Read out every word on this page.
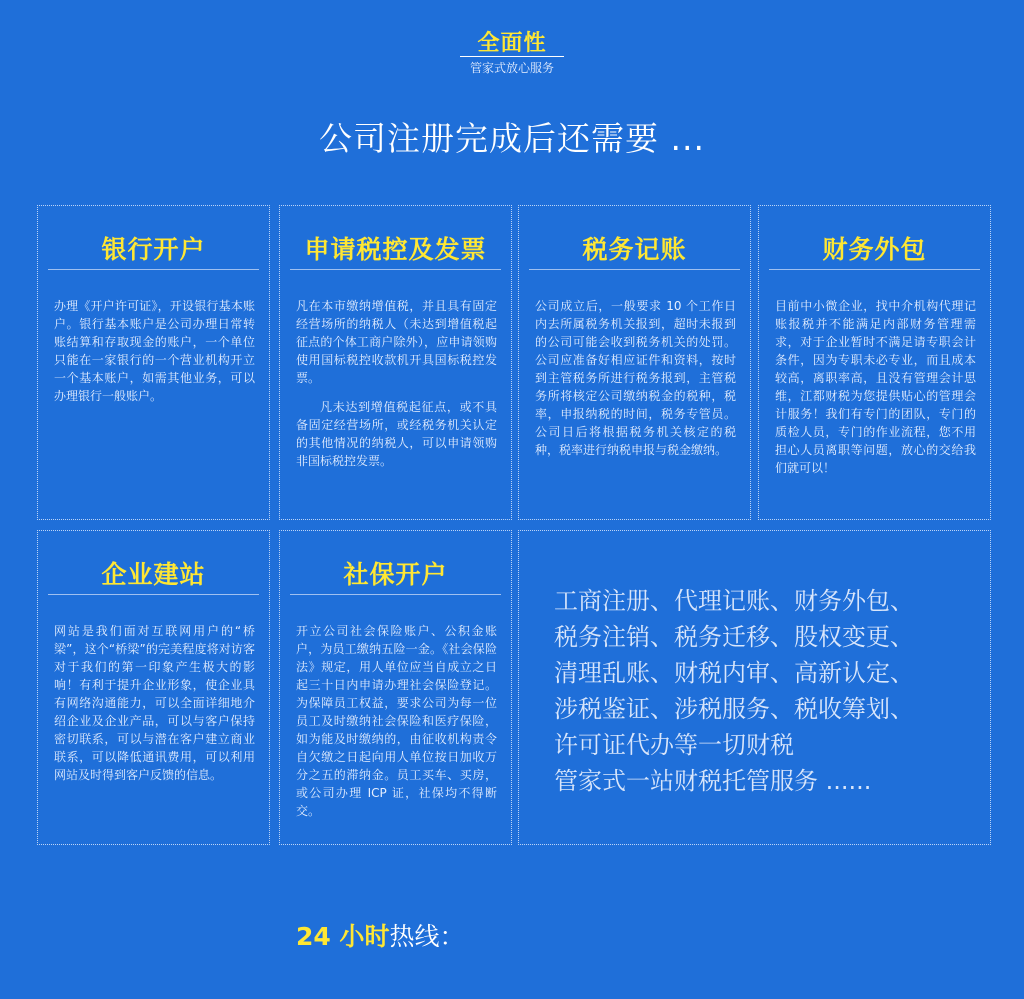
全面性
管家式放心服务
公司注册完成后还需要 ...
银行开户

办理《开户许可证》，开设银行基本账户。银行基本账户是公司办理日常转账结算和存取现金的账户，一个单位只能在一家银行的一个营业机构开立一个基本账户，如需其他业务，可以办理银行一般账户。

申请税控及发票

凡在本市缴纳增值税，并且具有固定经营场所的纳税人（未达到增值税起征点的个体工商户除外），应申请领购使用国标税控收款机开具国标税控发票。

凡未达到增值税起征点，或不具备固定经营场所，或经税务机关认定的其他情况的纳税人，可以申请领购非国标税控发票。

税务记账

公司成立后，一般要求 10 个工作日内去所属税务机关报到，超时未报到的公司可能会收到税务机关的处罚。公司应准备好相应证件和资料，按时到主管税务所进行税务报到，主管税务所将核定公司缴纳税金的税种，税率，申报纳税的时间，税务专管员。公司日后将根据税务机关核定的税种，税率进行纳税申报与税金缴纳。

财务外包

目前中小微企业，找中介机构代理记账报税并不能满足内部财务管理需求，对于企业暂时不满足请专职会计条件，因为专职未必专业，而且成本较高，离职率高，且没有管理会计思维，江都财税为您提供贴心的管理会计服务！我们有专门的团队，专门的质检人员，专门的作业流程，您不用担心人员离职等问题，放心的交给我们就可以！

企业建站

网站是我们面对互联网用户的“桥梁”，这个“桥梁”的完美程度将对访客对于我们的第一印象产生极大的影响！有利于提升企业形象，使企业具有网络沟通能力，可以全面详细地介绍企业及企业产品，可以与客户保持密切联系，可以与潜在客户建立商业联系，可以降低通讯费用，可以利用网站及时得到客户反馈的信息。

社保开户

开立公司社会保险账户、公积金账户，为员工缴纳五险一金。《社会保险法》规定，用人单位应当自成立之日起三十日内申请办理社会保险登记。为保障员工权益，要求公司为每一位员工及时缴纳社会保险和医疗保险，如为能及时缴纳的，由征收机构责令自欠缴之日起向用人单位按日加收万分之五的滞纳金。员工买车、买房，或公司办理 ICP 证，社保均不得断交。

工商注册、代理记账、财务外包、
税务注销、税务迁移、股权变更、
清理乱账、财税内审、高新认定、
涉税鉴证、涉税服务、税收筹划、
许可证代办等一切财税
管家式一站财税托管服务 ......
24 小时热线：
